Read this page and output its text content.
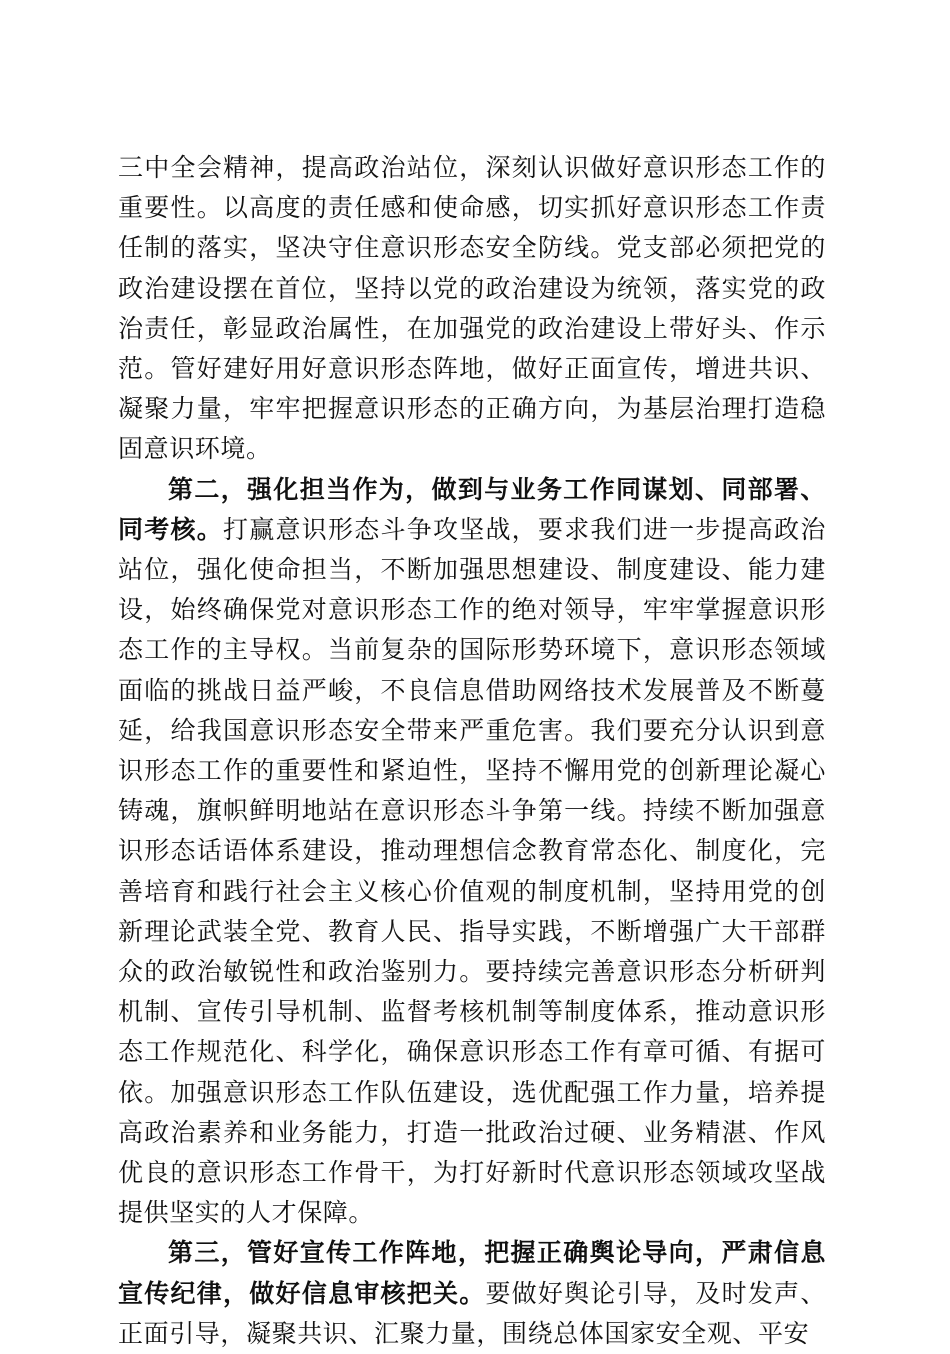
三中全会精神，提高政治站位，深刻认识做好意识形态工作的重要性。以高度的责任感和使命感，切实抓好意识形态工作责任制的落实，坚决守住意识形态安全防线。党支部必须把党的政治建设摆在首位，坚持以党的政治建设为统领，落实党的政治责任，彰显政治属性，在加强党的政治建设上带好头、作示范。管好建好用好意识形态阵地，做好正面宣传，增进共识、凝聚力量，牢牢把握意识形态的正确方向，为基层治理打造稳固意识环境。

第二，强化担当作为，做到与业务工作同谋划、同部署、同考核。打赢意识形态斗争攻坚战，要求我们进一步提高政治站位，强化使命担当，不断加强思想建设、制度建设、能力建设，始终确保党对意识形态工作的绝对领导，牢牢掌握意识形态工作的主导权。当前复杂的国际形势环境下，意识形态领域面临的挑战日益严峻，不良信息借助网络技术发展普及不断蔓延，给我国意识形态安全带来严重危害。我们要充分认识到意识形态工作的重要性和紧迫性，坚持不懈用党的创新理论凝心铸魂，旗帜鲜明地站在意识形态斗争第一线。持续不断加强意识形态话语体系建设，推动理想信念教育常态化、制度化，完善培育和践行社会主义核心价值观的制度机制，坚持用党的创新理论武装全党、教育人民、指导实践，不断增强广大干部群众的政治敏锐性和政治鉴别力。要持续完善意识形态分析研判机制、宣传引导机制、监督考核机制等制度体系，推动意识形态工作规范化、科学化，确保意识形态工作有章可循、有据可依。加强意识形态工作队伍建设，选优配强工作力量，培养提高政治素养和业务能力，打造一批政治过硬、业务精湛、作风优良的意识形态工作骨干，为打好新时代意识形态领域攻坚战提供坚实的人才保障。

第三，管好宣传工作阵地，把握正确舆论导向，严肃信息宣传纪律，做好信息审核把关。要做好舆论引导，及时发声、正面引导，凝聚共识、汇聚力量，围绕总体国家安全观、平安
